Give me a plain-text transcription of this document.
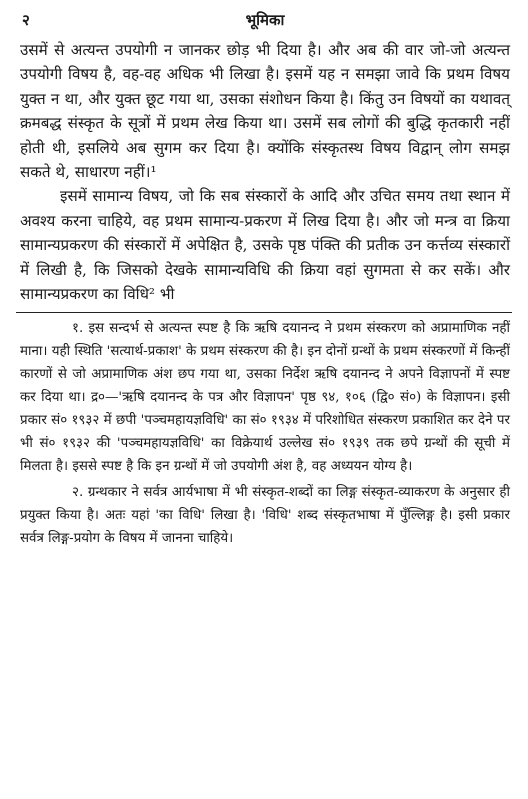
२	भूमिका

उसमें से अत्यन्त उपयोगी न जानकर छोड़ भी दिया है। और अब की वार जो-जो अत्यन्त उपयोगी विषय है, वह-वह अधिक भी लिखा है। इसमें यह न समझा जावे कि प्रथम विषय युक्त न था, और युक्त छूट गया था, उसका संशोधन किया है। किंतु उन विषयों का यथावत् क्रमबद्ध संस्कृत के सूत्रों में प्रथम लेख किया था। उसमें सब लोगों की बुद्धि कृतकारी नहीं होती थी, इसलिये अब सुगम कर दिया है। क्योंकि संस्कृतस्थ विषय विद्वान् लोग समझ सकते थे, साधारण नहीं।¹

इसमें सामान्य विषय, जो कि सब संस्कारों के आदि और उचित समय तथा स्थान में अवश्य करना चाहिये, वह प्रथम सामान्य-प्रकरण में लिख दिया है। और जो मन्त्र वा क्रिया सामान्यप्रकरण की संस्कारों में अपेक्षित है, उसके पृष्ठ पंक्ति की प्रतीक उन कर्त्तव्य संस्कारों में लिखी है, कि जिसको देखके सामान्यविधि की क्रिया वहां सुगमता से कर सकें। और सामान्यप्रकरण का विधि² भी

१. इस सन्दर्भ से अत्यन्त स्पष्ट है कि ऋषि दयानन्द ने प्रथम संस्करण को अप्रामाणिक नहीं माना। यही स्थिति 'सत्यार्थ-प्रकाश' के प्रथम संस्करण की है। इन दोनों ग्रन्थों के प्रथम संस्करणों में किन्हीं कारणों से जो अप्रामाणिक अंश छप गया था, उसका निर्देश ऋषि दयानन्द ने अपने विज्ञापनों में स्पष्ट कर दिया था। द्र०—'ऋषि दयानन्द के पत्र और विज्ञापन' पृष्ठ ९४, १०६ (द्वि० सं०) के विज्ञापन। इसी प्रकार सं० १९३२ में छपी 'पञ्चमहायज्ञविधि' का सं० १९३४ में परिशोधित संस्करण प्रकाशित कर देने पर भी सं० १९३२ की 'पञ्चमहायज्ञविधि' का विक्रेयार्थ उल्लेख सं० १९३९ तक छपे ग्रन्थों की सूची में मिलता है। इससे स्पष्ट है कि इन ग्रन्थों में जो उपयोगी अंश है, वह अध्ययन योग्य है।

२. ग्रन्थकार ने सर्वत्र आर्यभाषा में भी संस्कृत-शब्दों का लिङ्ग संस्कृत-व्याकरण के अनुसार ही प्रयुक्त किया है। अतः यहां 'का विधि' लिखा है। 'विधि' शब्द संस्कृतभाषा में पुँल्लिङ्ग है। इसी प्रकार सर्वत्र लिङ्ग-प्रयोग के विषय में जानना चाहिये।
